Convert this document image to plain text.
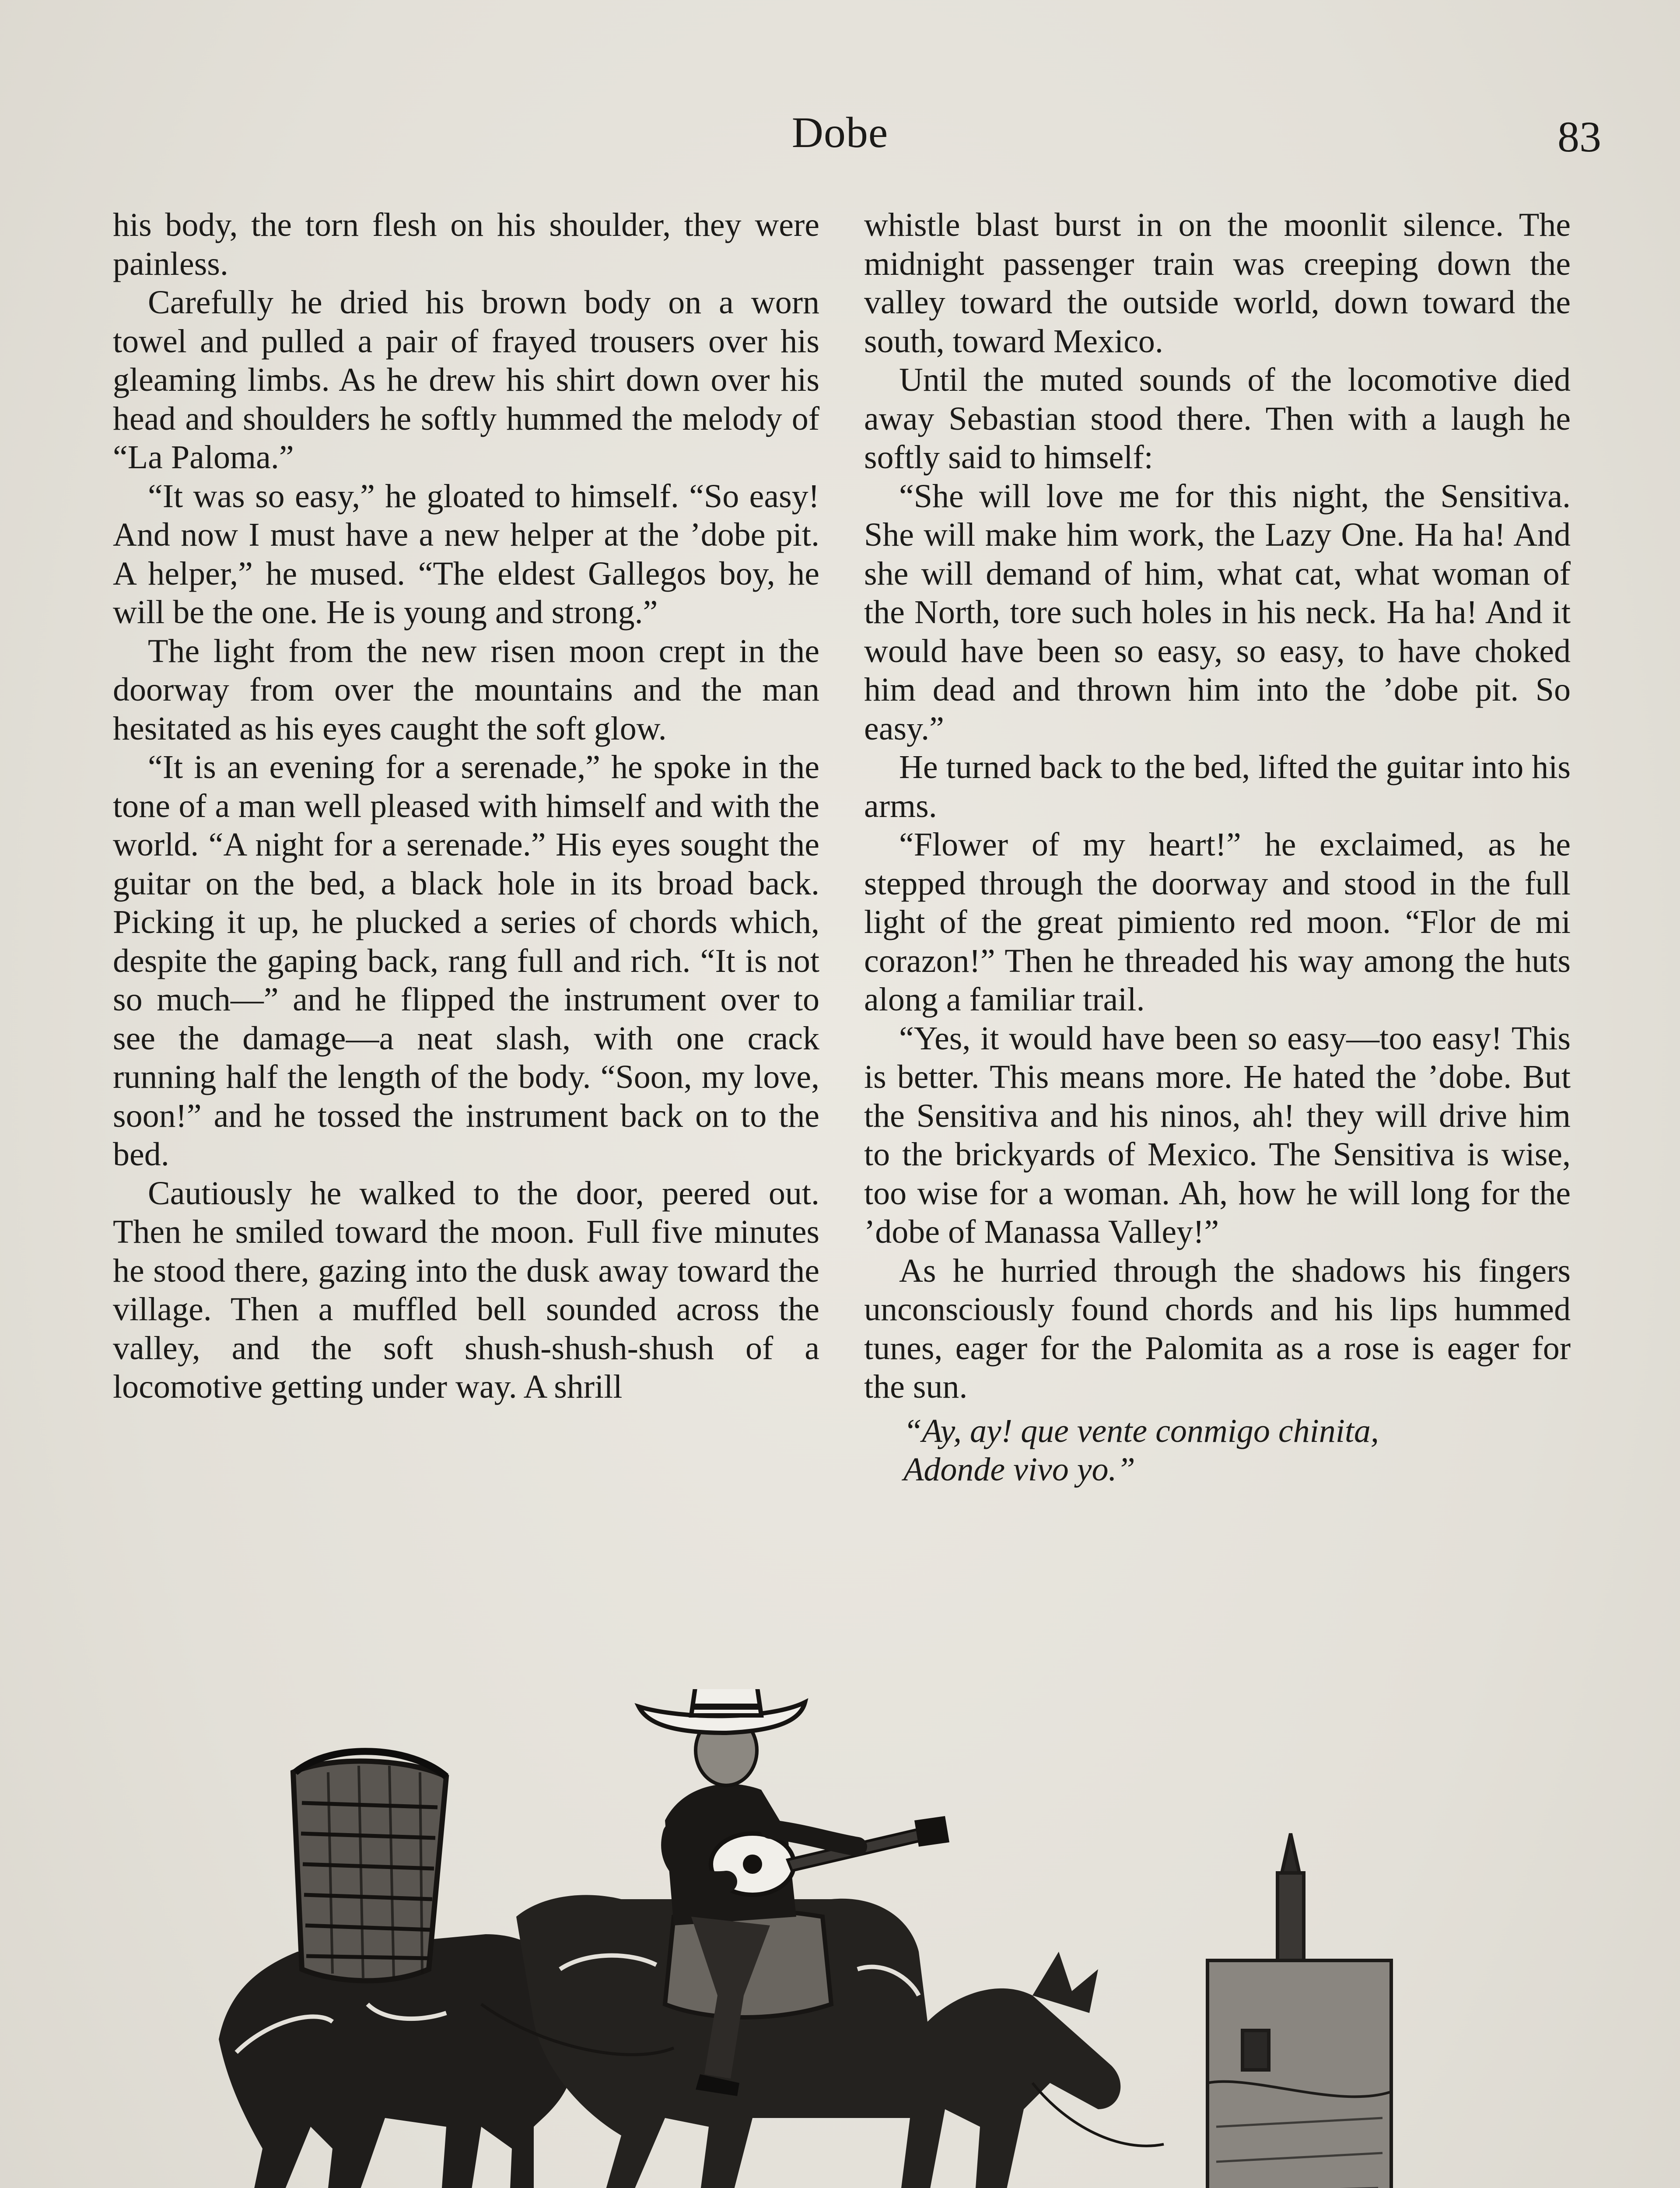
Dobe	83

his body, the torn flesh on his shoulder, they were painless.

Carefully he dried his brown body on a worn towel and pulled a pair of frayed trousers over his gleaming limbs. As he drew his shirt down over his head and shoulders he softly hummed the melody of “La Paloma.”

“It was so easy,” he gloated to himself. “So easy! And now I must have a new helper at the ’dobe pit. A helper,” he mused. “The eldest Gallegos boy, he will be the one. He is young and strong.”

The light from the new risen moon crept in the doorway from over the mountains and the man hesitated as his eyes caught the soft glow.

“It is an evening for a serenade,” he spoke in the tone of a man well pleased with himself and with the world. “A night for a serenade.” His eyes sought the guitar on the bed, a black hole in its broad back. Picking it up, he plucked a series of chords which, despite the gaping back, rang full and rich. “It is not so much—” and he flipped the instrument over to see the damage—a neat slash, with one crack running half the length of the body. “Soon, my love, soon!” and he tossed the instrument back on to the bed.

Cautiously he walked to the door, peered out. Then he smiled toward the moon. Full five minutes he stood there, gazing into the dusk away toward the village. Then a muffled bell sounded across the valley, and the soft shush-shush-shush of a locomotive getting under way. A shrill

whistle blast burst in on the moonlit silence. The midnight passenger train was creeping down the valley toward the outside world, down toward the south, toward Mexico.

Until the muted sounds of the locomotive died away Sebastian stood there. Then with a laugh he softly said to himself:

“She will love me for this night, the Sensitiva. She will make him work, the Lazy One. Ha ha! And she will demand of him, what cat, what woman of the North, tore such holes in his neck. Ha ha! And it would have been so easy, so easy, to have choked him dead and thrown him into the ’dobe pit. So easy.”

He turned back to the bed, lifted the guitar into his arms.

“Flower of my heart!” he exclaimed, as he stepped through the doorway and stood in the full light of the great pimiento red moon. “Flor de mi corazon!” Then he threaded his way among the huts along a familiar trail.

“Yes, it would have been so easy—too easy! This is better. This means more. He hated the ’dobe. But the Sensitiva and his ninos, ah! they will drive him to the brickyards of Mexico. The Sensitiva is wise, too wise for a woman. Ah, how he will long for the ’dobe of Manassa Valley!”

As he hurried through the shadows his fingers unconsciously found chords and his lips hummed tunes, eager for the Palomita as a rose is eager for the sun.

“Ay, ay! que vente conmigo chinita,
Adonde vivo yo.”
